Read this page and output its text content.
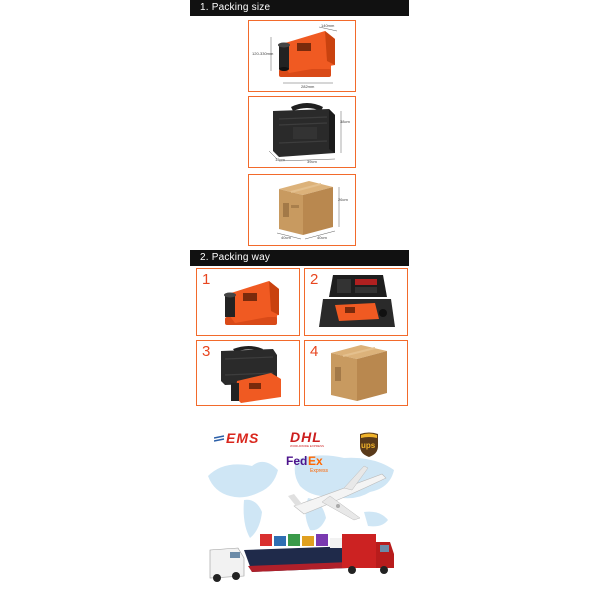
1. Packing size
120-330mm
140mm
282mm
38cm
39cm
15cm
26cm
40cm	40cm
2. Packing way
1	2
3	4
EMS DHL
WORLDWIDE EXPRESS	ups
Fed Ex
Express
